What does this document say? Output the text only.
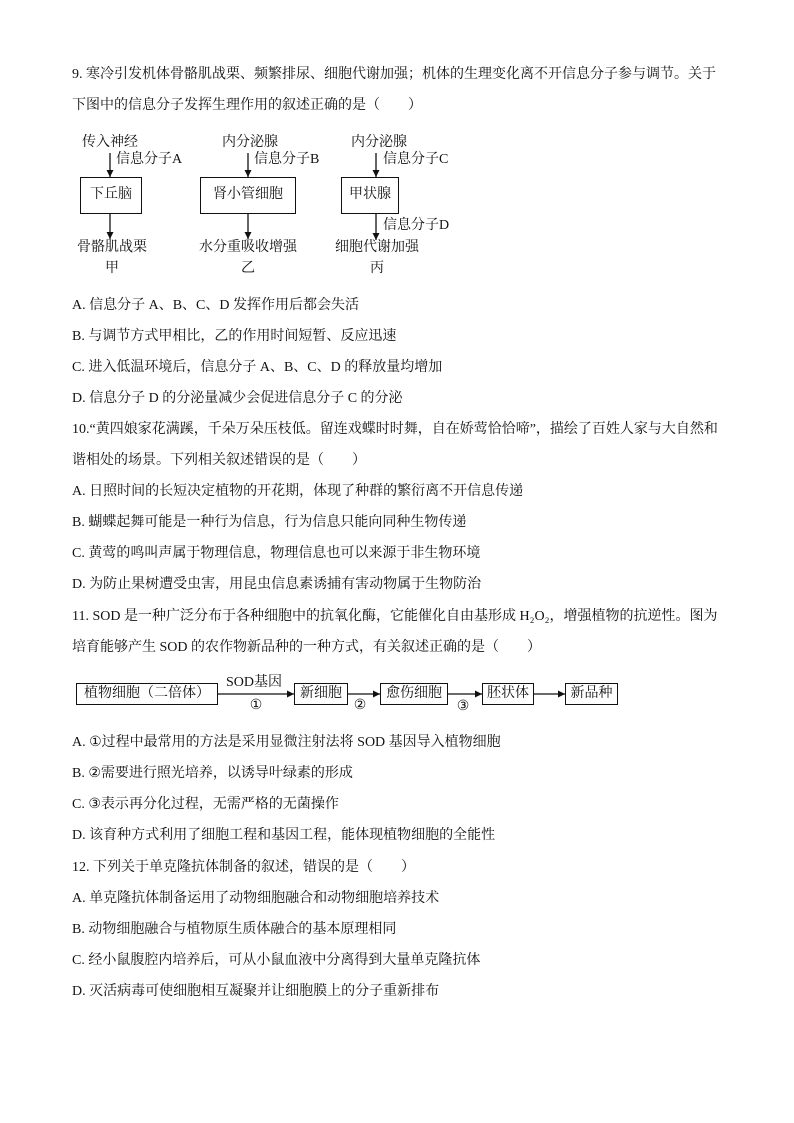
9. 寒冷引发机体骨骼肌战栗、频繁排尿、细胞代谢加强；机体的生理变化离不开信息分子参与调节。关于
下图中的信息分子发挥生理作用的叙述正确的是（　　）
传入神经
信息分子A
下丘脑
骨骼肌战栗
甲
内分泌腺
信息分子B
肾小管细胞
水分重吸收增强
乙
内分泌腺
信息分子C
甲状腺
信息分子D
细胞代谢加强
丙
A. 信息分子 A、B、C、D 发挥作用后都会失活
B. 与调节方式甲相比，乙的作用时间短暂、反应迅速
C. 进入低温环境后，信息分子 A、B、C、D 的释放量均增加
D. 信息分子 D 的分泌量减少会促进信息分子 C 的分泌
10.“黄四娘家花满蹊，千朵万朵压枝低。留连戏蝶时时舞，自在娇莺恰恰啼”，描绘了百姓人家与大自然和
谐相处的场景。下列相关叙述错误的是（　　）
A. 日照时间的长短决定植物的开花期，体现了种群的繁衍离不开信息传递
B. 蝴蝶起舞可能是一种行为信息，行为信息只能向同种生物传递
C. 黄莺的鸣叫声属于物理信息，物理信息也可以来源于非生物环境
D. 为防止果树遭受虫害，用昆虫信息素诱捕有害动物属于生物防治
11. SOD 是一种广泛分布于各种细胞中的抗氧化酶，它能催化自由基形成 H₂O₂，增强植物的抗逆性。图为
培育能够产生 SOD 的农作物新品种的一种方式，有关叙述正确的是（　　）
植物细胞（二倍体）
SOD基因
①
新细胞
②
愈伤细胞
③
胚状体	新品种
A. ①过程中最常用的方法是采用显微注射法将 SOD 基因导入植物细胞
B. ②需要进行照光培养，以诱导叶绿素的形成
C. ③表示再分化过程，无需严格的无菌操作
D. 该育种方式利用了细胞工程和基因工程，能体现植物细胞的全能性
12. 下列关于单克隆抗体制备的叙述，错误的是（　　）
A. 单克隆抗体制备运用了动物细胞融合和动物细胞培养技术
B. 动物细胞融合与植物原生质体融合的基本原理相同
C. 经小鼠腹腔内培养后，可从小鼠血液中分离得到大量单克隆抗体
D. 灭活病毒可使细胞相互凝聚并让细胞膜上的分子重新排布
